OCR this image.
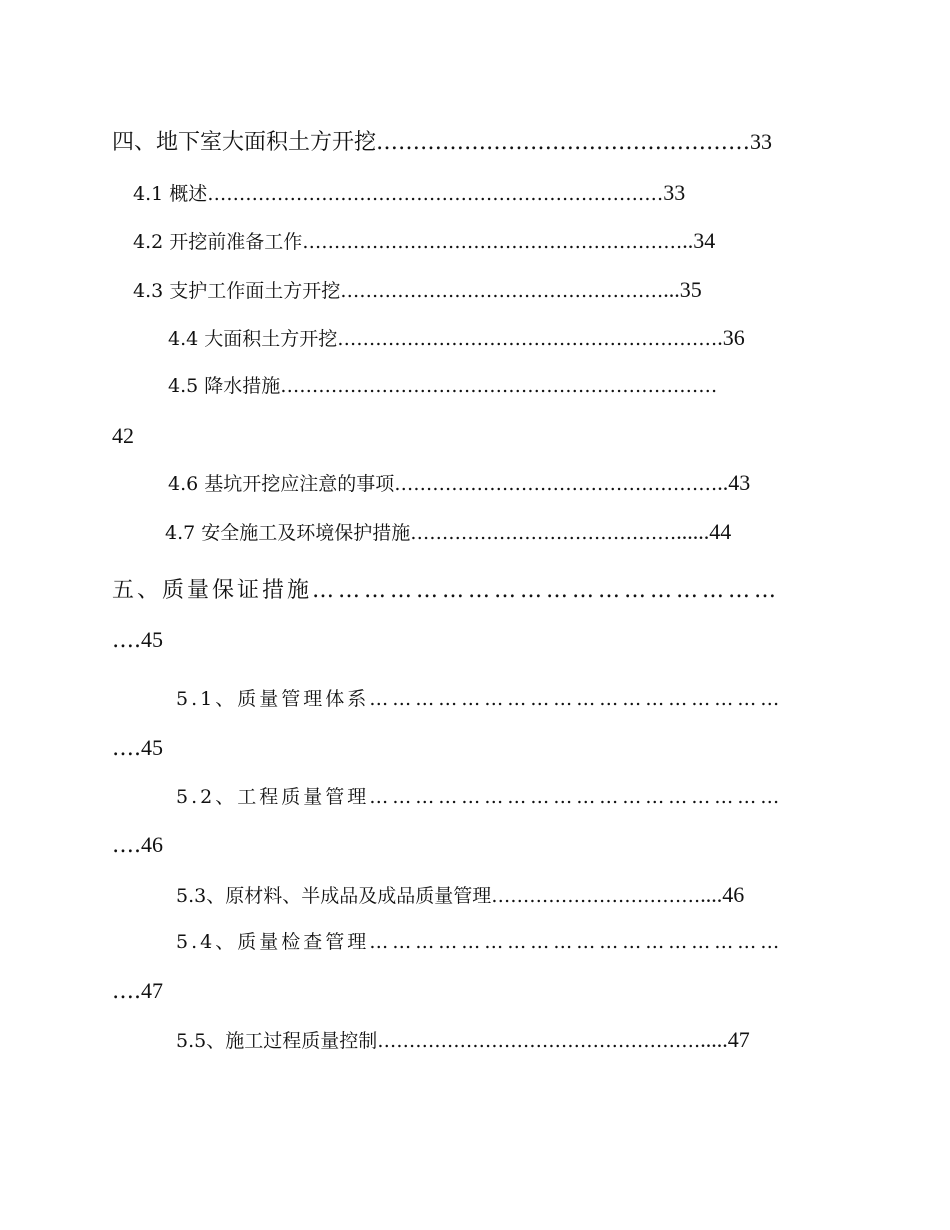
四、地下室大面积土方开挖……………………………………………33
4.1 概述………………………………………………………………33
4.2 开挖前准备工作……………………………………………………..34
4.3 支护工作面土方开挖……………………………………………...35
4.4 大面积土方开挖…………………………………………………….36
4.5 降水措施……………………………………………………………
42
4.6 基坑开挖应注意的事项……………………………………………..43
4.7 安全施工及环境保护措施……………………………………......44
五、质量保证措施………………………………………………
….45
5.1、质量管理体系………………………………………………
….45
5.2、工程质量管理………………………………………………
….46
5.3、原材料、半成品及成品质量管理……………………………....46
5.4、质量检查管理………………………………………………
….47
5.5、施工过程质量控制…………………………………………….....47
